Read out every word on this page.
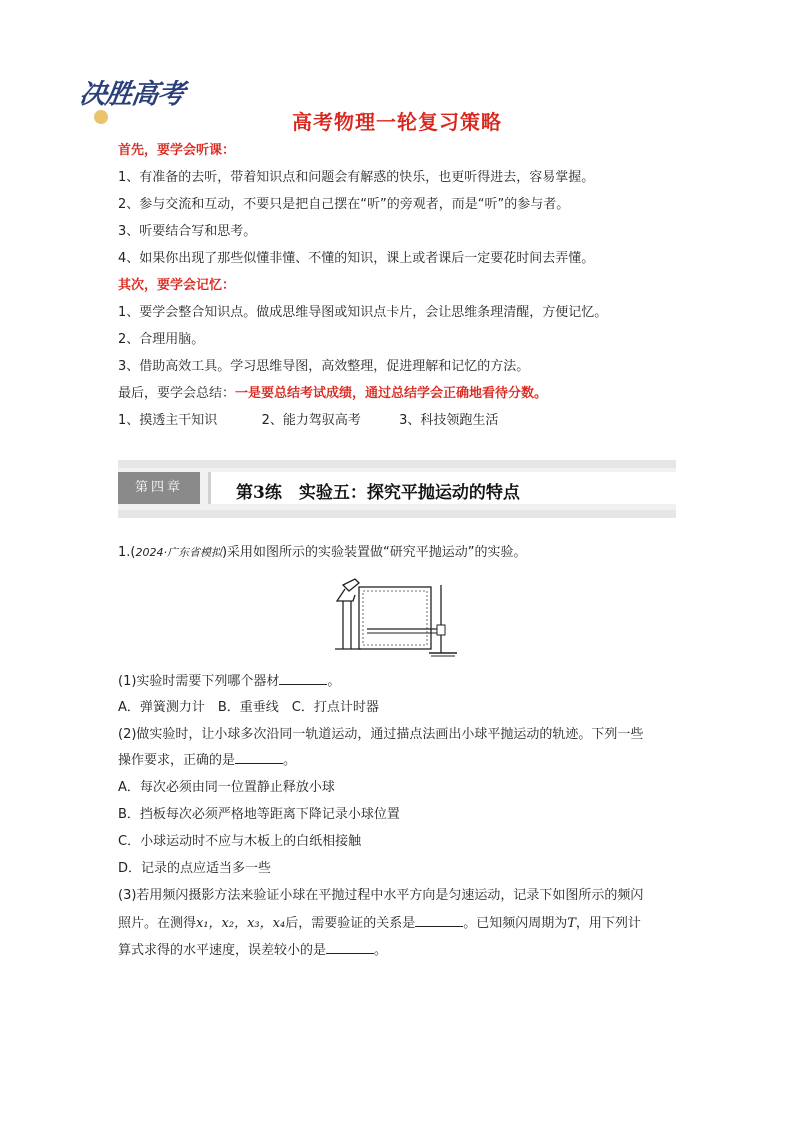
决胜高考
高考物理一轮复习策略
首先，要学会听课：
1、有准备的去听，带着知识点和问题会有解惑的快乐，也更听得进去，容易掌握。
2、参与交流和互动，不要只是把自己摆在“听”的旁观者，而是“听”的参与者。
3、听要结合写和思考。
4、如果你出现了那些似懂非懂、不懂的知识，课上或者课后一定要花时间去弄懂。
其次，要学会记忆：
1、要学会整合知识点。做成思维导图或知识点卡片，会让思维条理清醒，方便记忆。
2、合理用脑。
3、借助高效工具。学习思维导图，高效整理，促进理解和记忆的方法。
最后，要学会总结：一是要总结考试成绩，通过总结学会正确地看待分数。
1、摸透主干知识	2、能力驾驭高考	3、科技领跑生活
第四章	第3练　实验五：探究平抛运动的特点
1.(2024·广东省模拟)采用如图所示的实验装置做“研究平抛运动”的实验。
(1)实验时需要下列哪个器材	。
A．弹簧测力计　B．重垂线　C．打点计时器
(2)做实验时，让小球多次沿同一轨道运动，通过描点法画出小球平抛运动的轨迹。下列一些
操作要求，正确的是	。
A．每次必须由同一位置静止释放小球
B．挡板每次必须严格地等距离下降记录小球位置
C．小球运动时不应与木板上的白纸相接触
D．记录的点应适当多一些
(3)若用频闪摄影方法来验证小球在平抛过程中水平方向是匀速运动，记录下如图所示的频闪
照片。在测得x₁，x₂，x₃，x₄后，需要验证的关系是	。已知频闪周期为T，用下列计
算式求得的水平速度，误差较小的是	。
